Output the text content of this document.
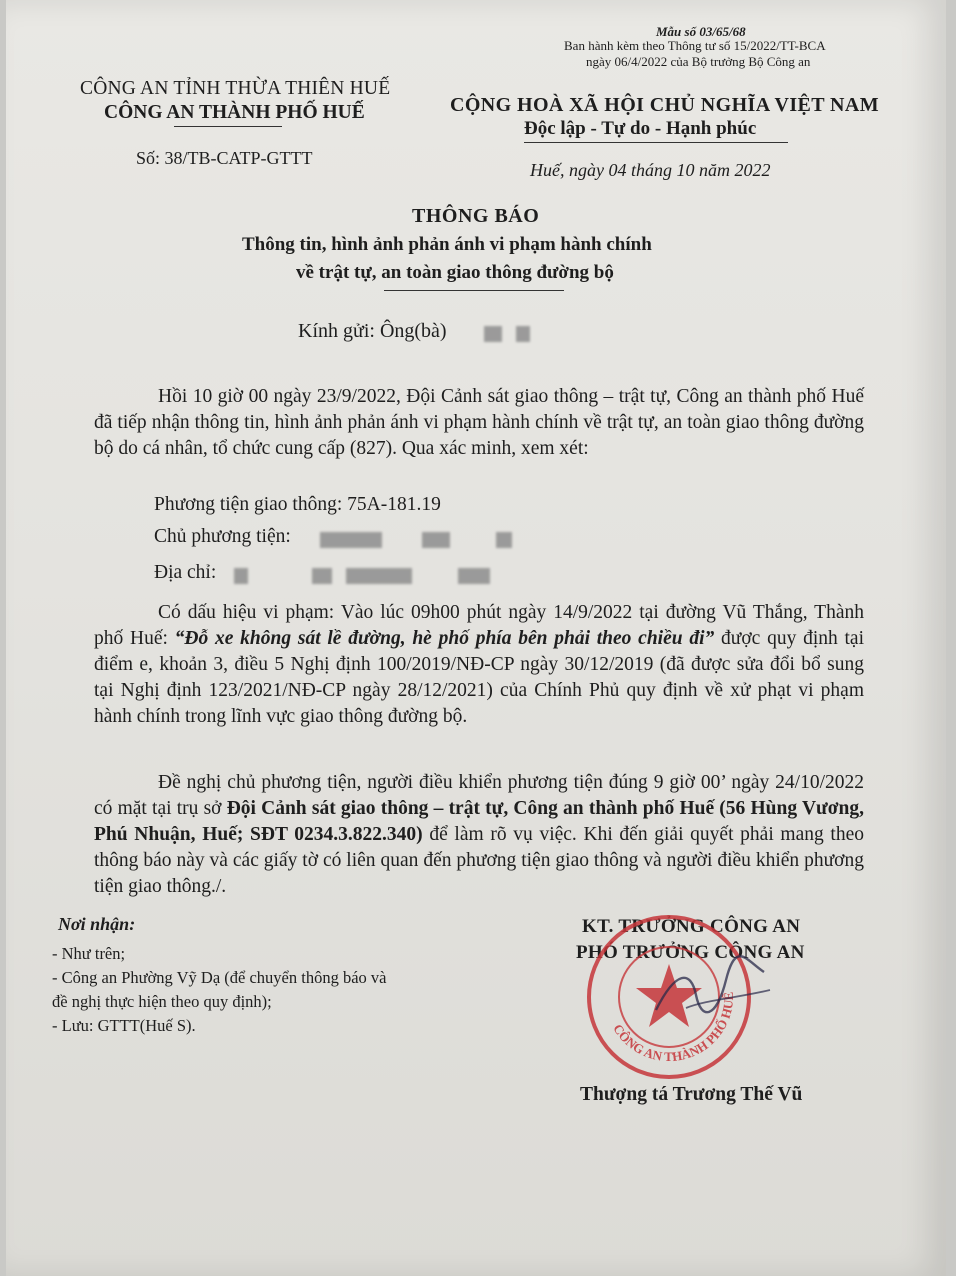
Mẫu số 03/65/68
Ban hành kèm theo Thông tư số 15/2022/TT-BCA
ngày 06/4/2022 của Bộ trưởng Bộ Công an
CÔNG AN TỈNH THỪA THIÊN HUẾ
CÔNG AN THÀNH PHỐ HUẾ	CỘNG HOÀ XÃ HỘI CHỦ NGHĨA VIỆT NAM
Độc lập - Tự do - Hạnh phúc
Số: 38/TB-CATP-GTTT
Huế, ngày 04 tháng 10 năm 2022
THÔNG BÁO
Thông tin, hình ảnh phản ánh vi phạm hành chính
về trật tự, an toàn giao thông đường bộ
Kính gửi: Ông(bà)
Hồi 10 giờ 00 ngày 23/9/2022, Đội Cảnh sát giao thông – trật tự, Công an thành phố Huế đã tiếp nhận thông tin, hình ảnh phản ánh vi phạm hành chính về trật tự, an toàn giao thông đường bộ do cá nhân, tổ chức cung cấp (827). Qua xác minh, xem xét:
Phương tiện giao thông: 75A-181.19
Chủ phương tiện:
Địa chỉ:
Có dấu hiệu vi phạm: Vào lúc 09h00 phút ngày 14/9/2022 tại đường Vũ Thắng, Thành phố Huế: “Đỗ xe không sát lề đường, hè phố phía bên phải theo chiều đi” được quy định tại điểm e, khoản 3, điều 5 Nghị định 100/2019/NĐ-CP ngày 30/12/2019 (đã được sửa đổi bổ sung tại Nghị định 123/2021/NĐ-CP ngày 28/12/2021) của Chính Phủ quy định về xử phạt vi phạm hành chính trong lĩnh vực giao thông đường bộ.
Đề nghị chủ phương tiện, người điều khiển phương tiện đúng 9 giờ 00’ ngày 24/10/2022 có mặt tại trụ sở Đội Cảnh sát giao thông – trật tự, Công an thành phố Huế (56 Hùng Vương, Phú Nhuận, Huế; SĐT 0234.3.822.340) để làm rõ vụ việc. Khi đến giải quyết phải mang theo thông báo này và các giấy tờ có liên quan đến phương tiện giao thông và người điều khiển phương tiện giao thông./.
Nơi nhận:
- Như trên;
- Công an Phường Vỹ Dạ (để chuyển thông báo và
đề nghị thực hiện theo quy định);
- Lưu: GTTT(Huế S).
KT. TRƯỞNG CÔNG AN
PHÓ TRƯỞNG CÔNG AN
CÔNG AN THÀNH PHỐ HUẾ
Thượng tá Trương Thế Vũ
